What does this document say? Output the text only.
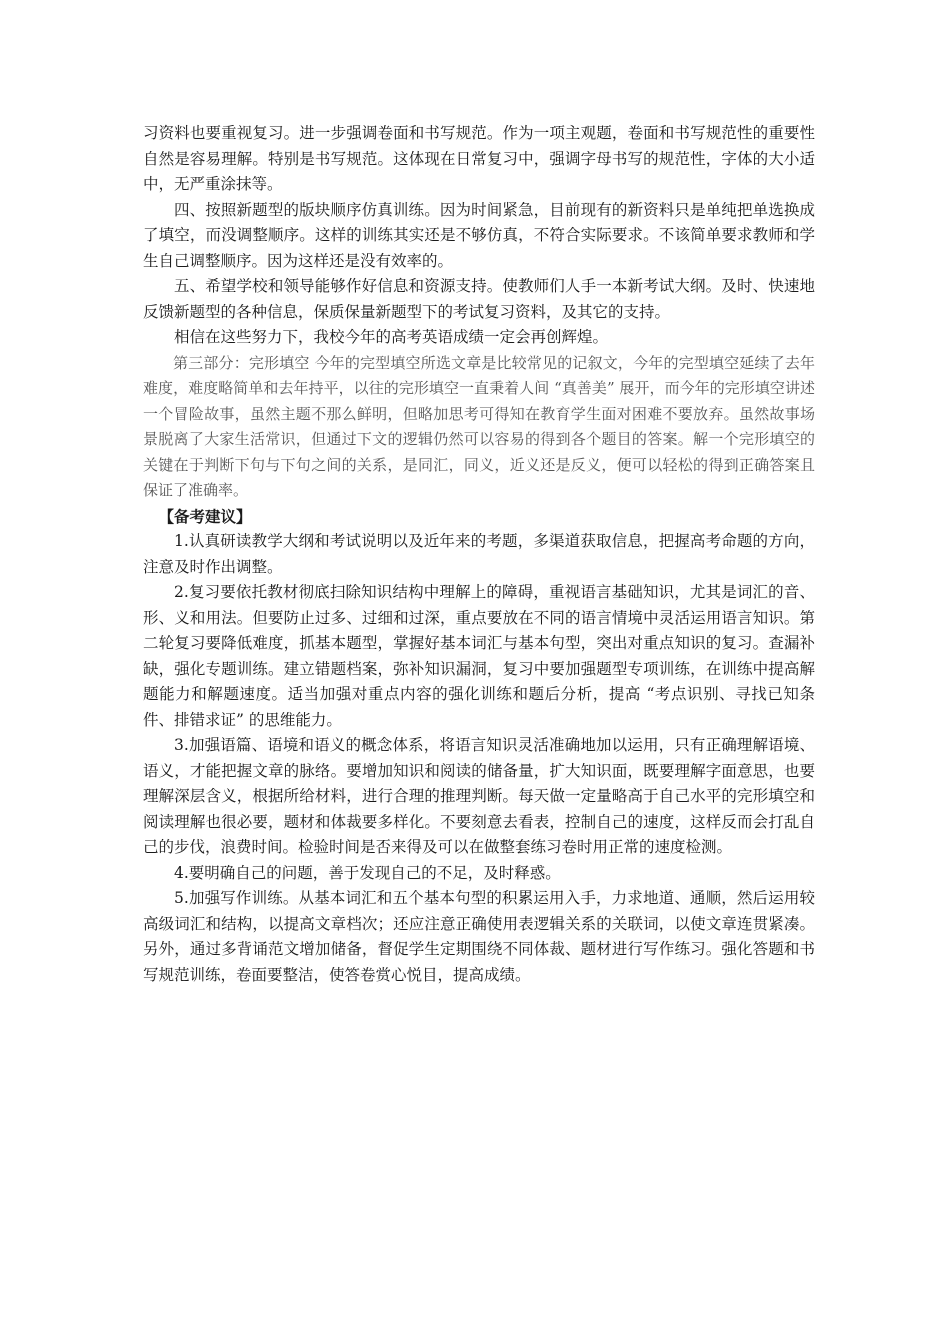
习资料也要重视复习。进一步强调卷面和书写规范。作为一项主观题，卷面和书写规范性的重要性自然是容易理解。特别是书写规范。这体现在日常复习中，强调字母书写的规范性，字体的大小适中，无严重涂抹等。

四、按照新题型的版块顺序仿真训练。因为时间紧急，目前现有的新资料只是单纯把单选换成了填空，而没调整顺序。这样的训练其实还是不够仿真，不符合实际要求。不该简单要求教师和学生自己调整顺序。因为这样还是没有效率的。

五、希望学校和领导能够作好信息和资源支持。使教师们人手一本新考试大纲。及时、快速地反馈新题型的各种信息，保质保量新题型下的考试复习资料，及其它的支持。

相信在这些努力下，我校今年的高考英语成绩一定会再创辉煌。

第三部分：完形填空 今年的完型填空所选文章是比较常见的记叙文，今年的完型填空延续了去年难度，难度略简单和去年持平，以往的完形填空一直秉着人间 “真善美” 展开，而今年的完形填空讲述一个冒险故事，虽然主题不那么鲜明，但略加思考可得知在教育学生面对困难不要放弃。虽然故事场景脱离了大家生活常识，但通过下文的逻辑仍然可以容易的得到各个题目的答案。解一个完形填空的关键在于判断下句与下句之间的关系，是同汇，同义，近义还是反义，便可以轻松的得到正确答案且保证了准确率。

【备考建议】

1.认真研读教学大纲和考试说明以及近年来的考题，多渠道获取信息，把握高考命题的方向，注意及时作出调整。

2.复习要依托教材彻底扫除知识结构中理解上的障碍，重视语言基础知识，尤其是词汇的音、形、义和用法。但要防止过多、过细和过深，重点要放在不同的语言情境中灵活运用语言知识。第二轮复习要降低难度，抓基本题型，掌握好基本词汇与基本句型，突出对重点知识的复习。查漏补缺，强化专题训练。建立错题档案，弥补知识漏洞，复习中要加强题型专项训练，在训练中提高解题能力和解题速度。适当加强对重点内容的强化训练和题后分析，提高 “考点识别、寻找已知条件、排错求证” 的思维能力。

3.加强语篇、语境和语义的概念体系，将语言知识灵活准确地加以运用，只有正确理解语境、语义，才能把握文章的脉络。要增加知识和阅读的储备量，扩大知识面，既要理解字面意思，也要理解深层含义，根据所给材料，进行合理的推理判断。每天做一定量略高于自己水平的完形填空和阅读理解也很必要，题材和体裁要多样化。不要刻意去看表，控制自己的速度，这样反而会打乱自己的步伐，浪费时间。检验时间是否来得及可以在做整套练习卷时用正常的速度检测。

4.要明确自己的问题，善于发现自己的不足，及时释惑。

5.加强写作训练。从基本词汇和五个基本句型的积累运用入手，力求地道、通顺，然后运用较高级词汇和结构，以提高文章档次；还应注意正确使用表逻辑关系的关联词，以使文章连贯紧凑。另外，通过多背诵范文增加储备，督促学生定期围绕不同体裁、题材进行写作练习。强化答题和书写规范训练，卷面要整洁，使答卷赏心悦目，提高成绩。
